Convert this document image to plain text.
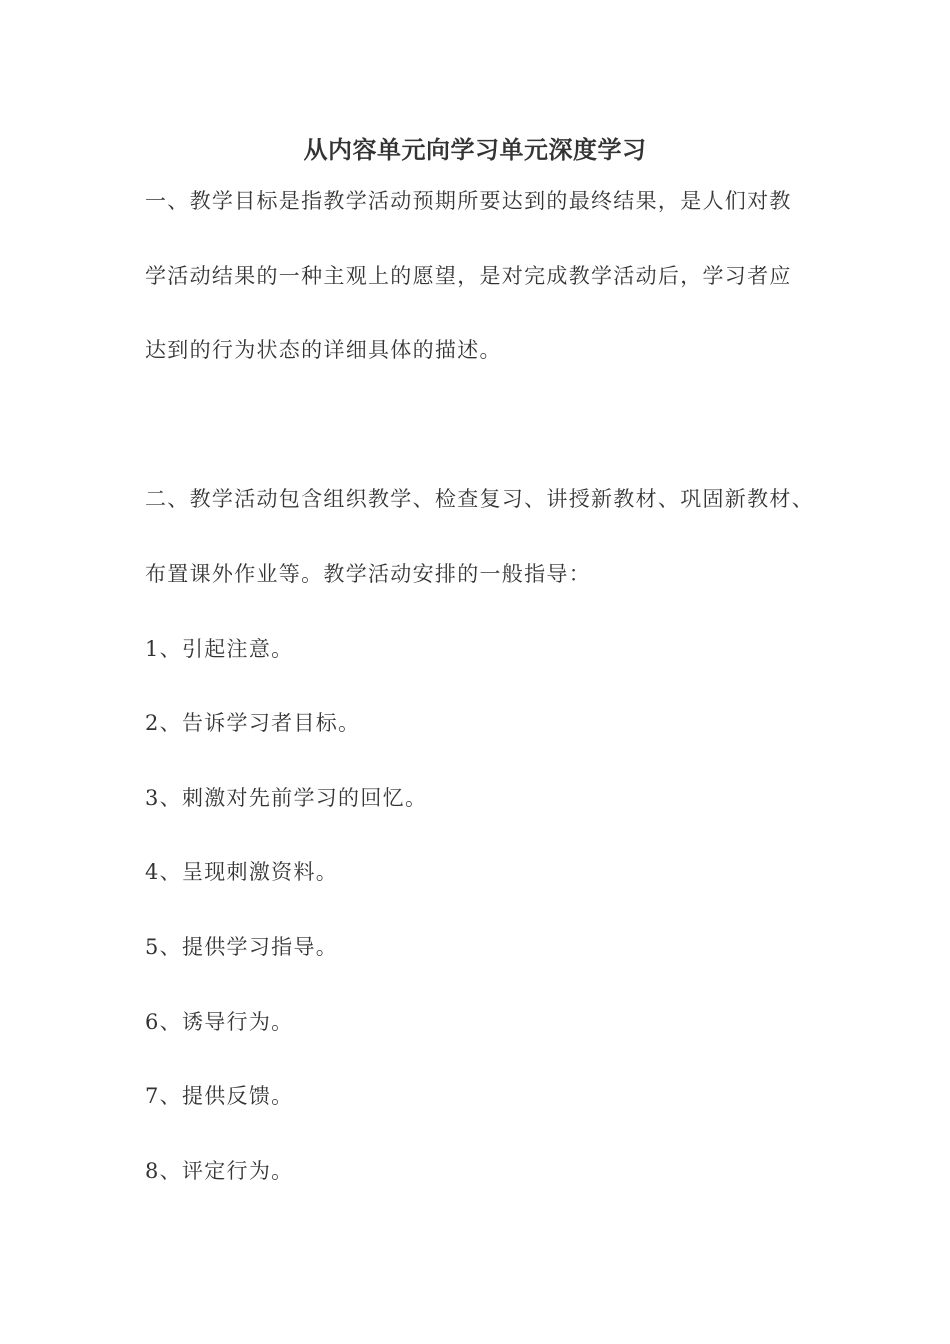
从内容单元向学习单元深度学习
一、教学目标是指教学活动预期所要达到的最终结果，是人们对教
学活动结果的一种主观上的愿望，是对完成教学活动后，学习者应
达到的行为状态的详细具体的描述。
二、教学活动包含组织教学、检查复习、讲授新教材、巩固新教材、
布置课外作业等。教学活动安排的一般指导：
1、引起注意。
2、告诉学习者目标。
3、刺激对先前学习的回忆。
4、呈现刺激资料。
5、提供学习指导。
6、诱导行为。
7、提供反馈。
8、评定行为。
